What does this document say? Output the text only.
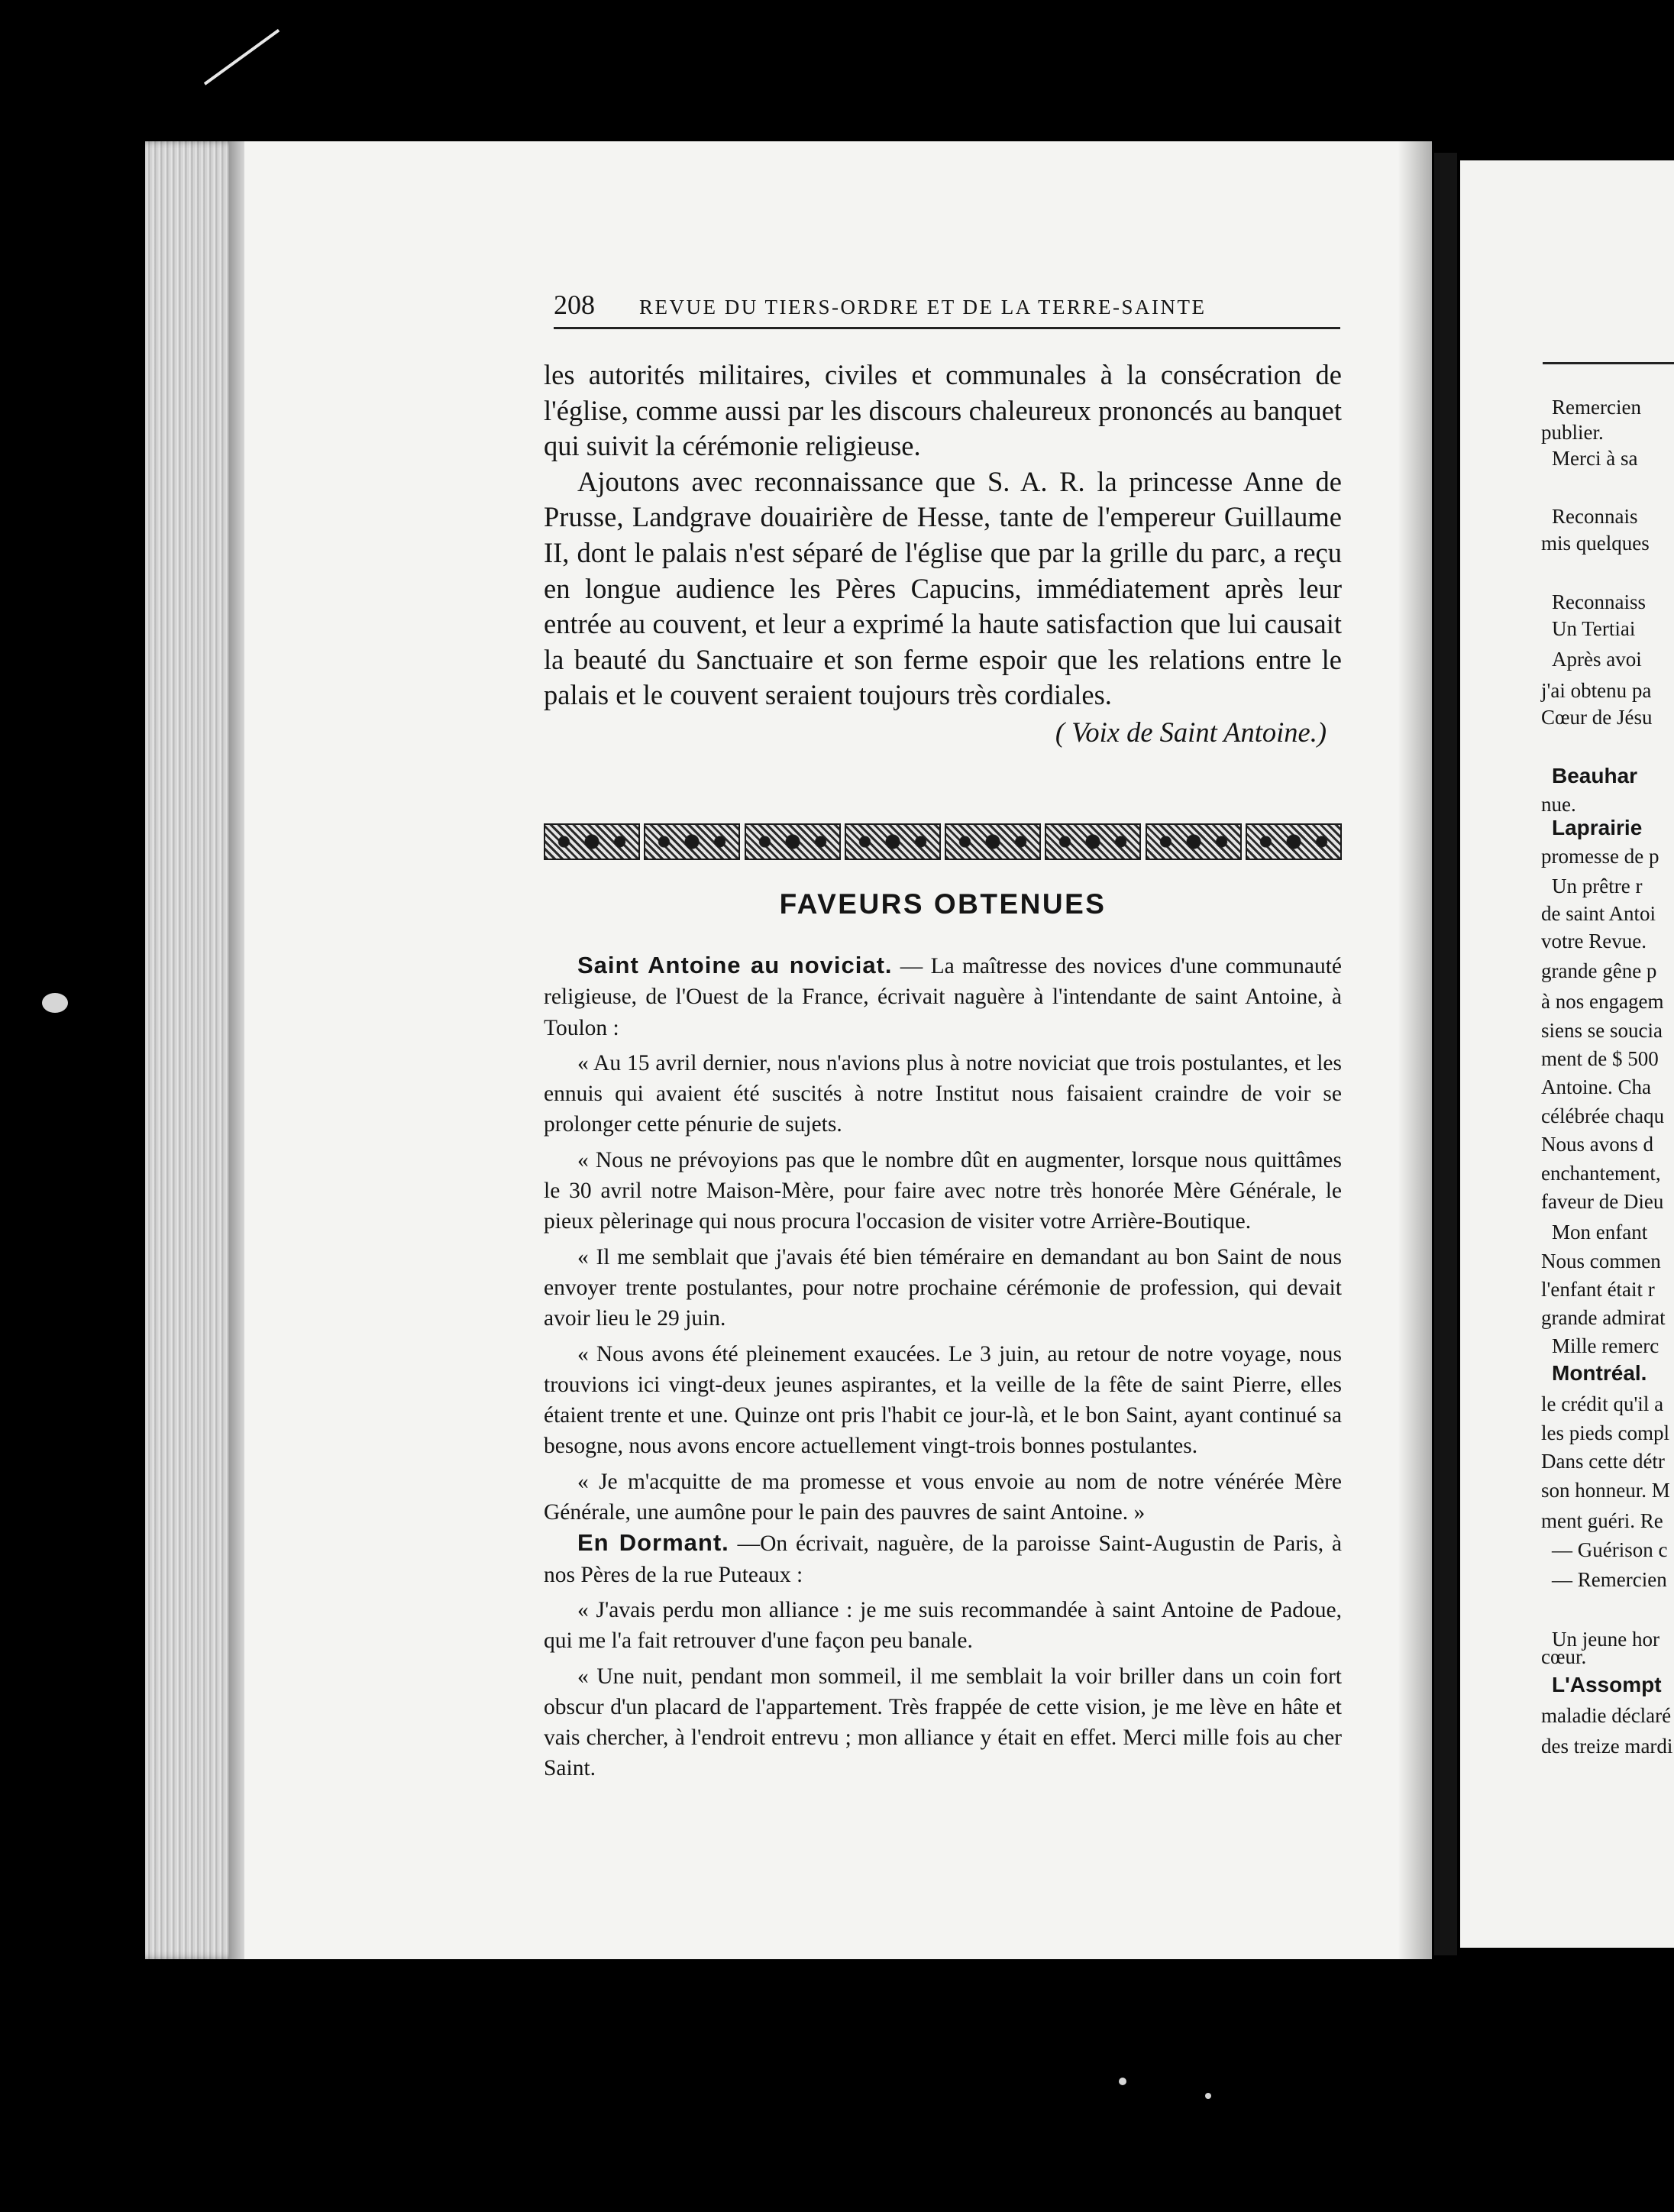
208 REVUE DU TIERS-ORDRE ET DE LA TERRE-SAINTE

les autorités militaires, civiles et communales à la consécration de l'église, comme aussi par les discours chaleureux prononcés au banquet qui suivit la cérémonie religieuse.

Ajoutons avec reconnaissance que S. A. R. la princesse Anne de Prusse, Landgrave douairière de Hesse, tante de l'empereur Guillaume II, dont le palais n'est séparé de l'église que par la grille du parc, a reçu en longue audience les Pères Capucins, immédiatement après leur entrée au couvent, et leur a exprimé la haute satisfaction que lui causait la beauté du Sanctuaire et son ferme espoir que les relations entre le palais et le couvent seraient toujours très cordiales.

( Voix de Saint Antoine.)

FAVEURS OBTENUES

Saint Antoine au noviciat. — La maîtresse des novices d'une communauté religieuse, de l'Ouest de la France, écrivait naguère à l'intendante de saint Antoine, à Toulon :

« Au 15 avril dernier, nous n'avions plus à notre noviciat que trois postulantes, et les ennuis qui avaient été suscités à notre Institut nous faisaient craindre de voir se prolonger cette pénurie de sujets.

« Nous ne prévoyions pas que le nombre dût en augmenter, lorsque nous quittâmes le 30 avril notre Maison-Mère, pour faire avec notre très honorée Mère Générale, le pieux pèlerinage qui nous procura l'occasion de visiter votre Arrière-Boutique.

« Il me semblait que j'avais été bien téméraire en demandant au bon Saint de nous envoyer trente postulantes, pour notre prochaine cérémonie de profession, qui devait avoir lieu le 29 juin.

« Nous avons été pleinement exaucées. Le 3 juin, au retour de notre voyage, nous trouvions ici vingt-deux jeunes aspirantes, et la veille de la fête de saint Pierre, elles étaient trente et une. Quinze ont pris l'habit ce jour-là, et le bon Saint, ayant continué sa besogne, nous avons encore actuellement vingt-trois bonnes postulantes.

« Je m'acquitte de ma promesse et vous envoie au nom de notre vénérée Mère Générale, une aumône pour le pain des pauvres de saint Antoine. »

En Dormant. —On écrivait, naguère, de la paroisse Saint-Augustin de Paris, à nos Pères de la rue Puteaux :

« J'avais perdu mon alliance : je me suis recommandée à saint Antoine de Padoue, qui me l'a fait retrouver d'une façon peu banale.

« Une nuit, pendant mon sommeil, il me semblait la voir briller dans un coin fort obscur d'un placard de l'appartement. Très frappée de cette vision, je me lève en hâte et vais chercher, à l'endroit entrevu ; mon alliance y était en effet. Merci mille fois au cher Saint.

Remercien
publier.
Merci à sa
Reconnais
mis quelques
Reconnaiss
Un Tertiai
Après avoi
j'ai obtenu pa
Cœur de Jésu
Beauhar
nue.
Laprairie
promesse de p
Un prêtre r
de saint Antoi
votre Revue.
grande gêne p
à nos engagem
siens se soucia
ment de $ 500
Antoine. Cha
célébrée chaqu
Nous avons d
enchantement,
faveur de Dieu
Mon enfant
Nous commen
l'enfant était r
grande admirat
Mille remerc
Montréal.
le crédit qu'il a
les pieds compl
Dans cette détr
son honneur. M
ment guéri. Re
— Guérison c
— Remercien
Un jeune hor
cœur.
L'Assompt
maladie déclaré
des treize mardi
